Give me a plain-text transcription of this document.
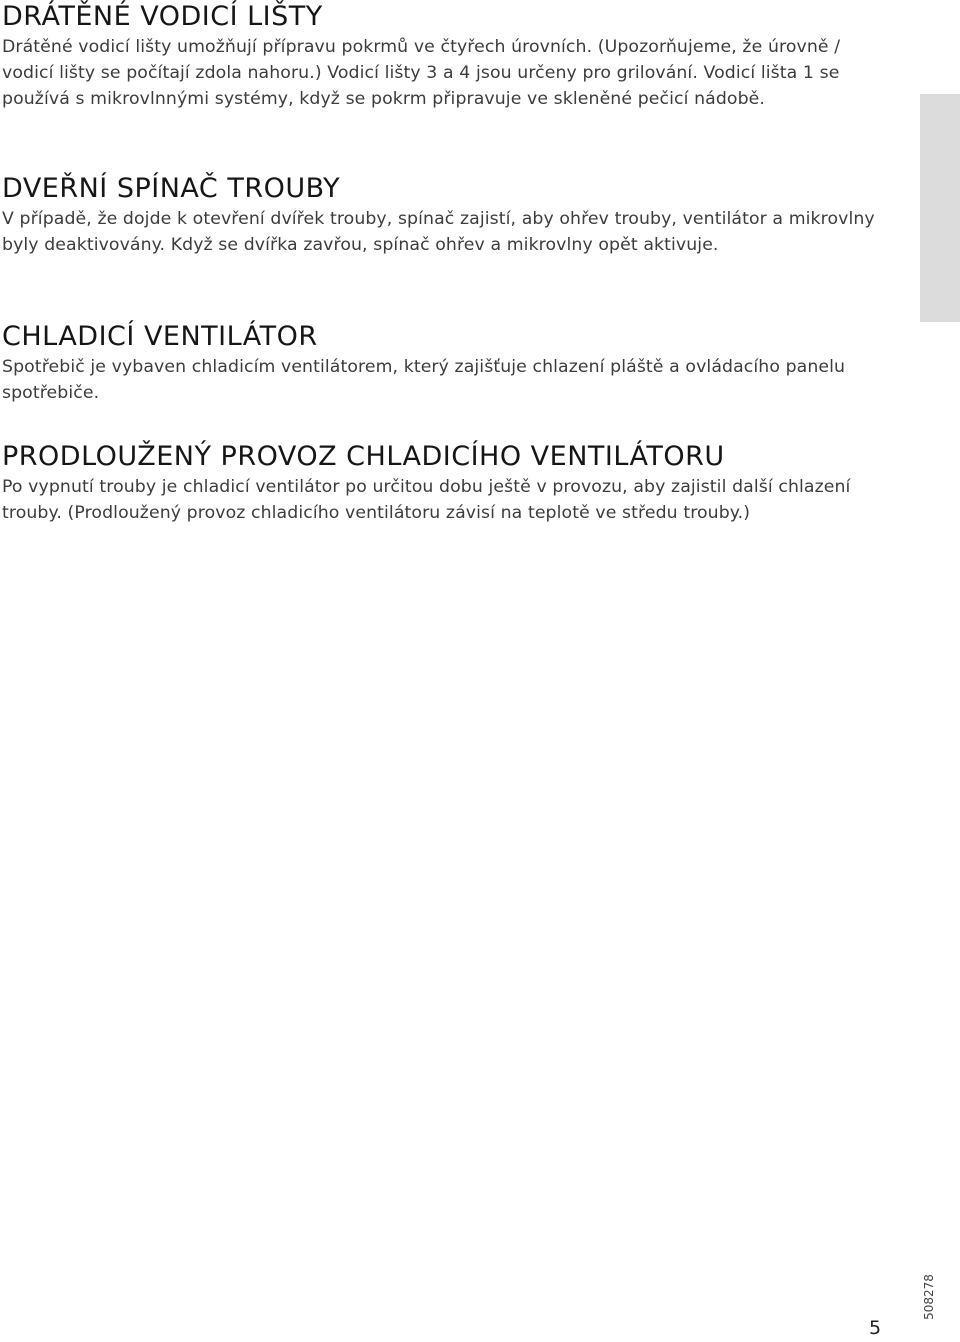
DRÁTĚNÉ VODICÍ LIŠTY

Drátěné vodicí lišty umožňují přípravu pokrmů ve čtyřech úrovních. (Upozorňujeme, že úrovně / vodicí lišty se počítají zdola nahoru.) Vodicí lišty 3 a 4 jsou určeny pro grilování. Vodicí lišta 1 se používá s mikrovlnnými systémy, když se pokrm připravuje ve skleněné pečicí nádobě.

DVEŘNÍ SPÍNAČ TROUBY

V případě, že dojde k otevření dvířek trouby, spínač zajistí, aby ohřev trouby, ventilátor a mikrovlny byly deaktivovány. Když se dvířka zavřou, spínač ohřev a mikrovlny opět aktivuje.

CHLADICÍ VENTILÁTOR

Spotřebič je vybaven chladicím ventilátorem, který zajišťuje chlazení pláště a ovládacího panelu spotřebiče.

PRODLOUŽENÝ PROVOZ CHLADICÍHO VENTILÁTORU

Po vypnutí trouby je chladicí ventilátor po určitou dobu ještě v provozu, aby zajistil další chlazení trouby. (Prodloužený provoz chladicího ventilátoru závisí na teplotě ve středu trouby.)

5
508278
